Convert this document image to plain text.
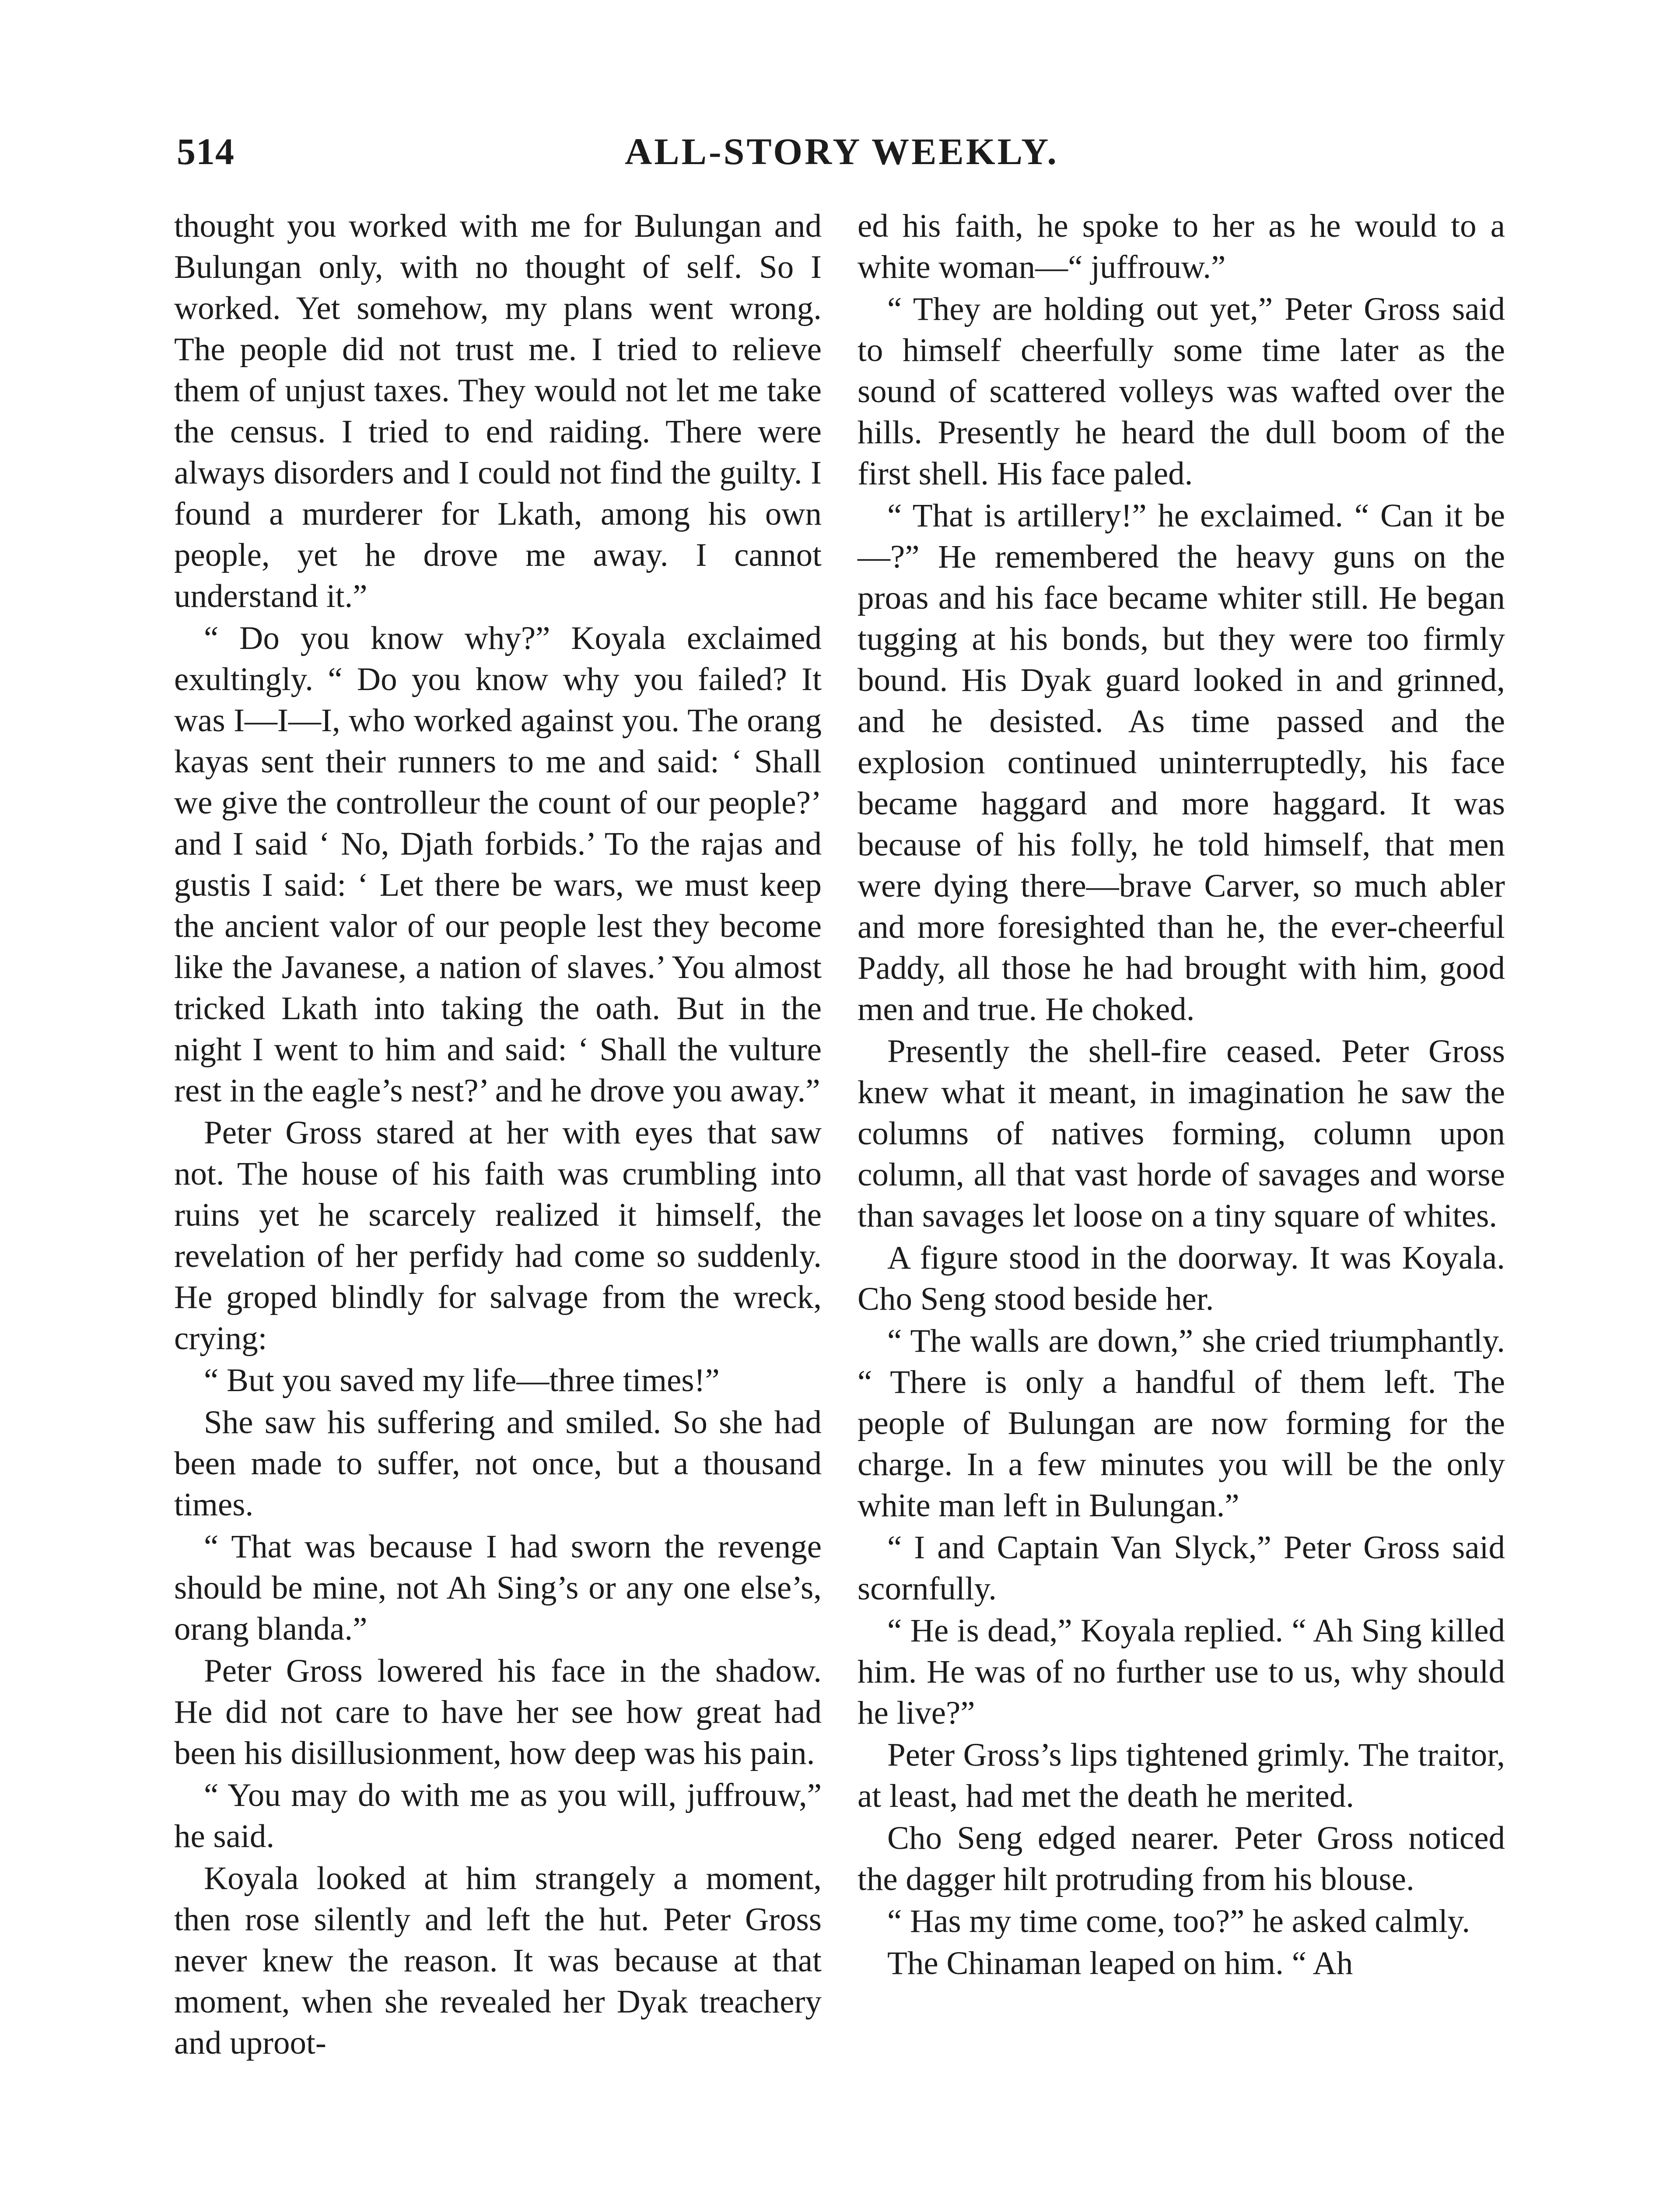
514	ALL-STORY WEEKLY.

thought you worked with me for Bulungan and Bulungan only, with no thought of self. So I worked. Yet somehow, my plans went wrong. The people did not trust me. I tried to relieve them of unjust taxes. They would not let me take the census. I tried to end raiding. There were always disorders and I could not find the guilty. I found a murderer for Lkath, among his own people, yet he drove me away. I cannot understand it.”

“ Do you know why?” Koyala exclaimed exultingly. “ Do you know why you failed? It was I—I—I, who worked against you. The orang kayas sent their runners to me and said: ‘ Shall we give the controlleur the count of our people?’ and I said ‘ No, Djath forbids.’ To the rajas and gustis I said: ‘ Let there be wars, we must keep the ancient valor of our people lest they become like the Javanese, a nation of slaves.’ You almost tricked Lkath into taking the oath. But in the night I went to him and said: ‘ Shall the vulture rest in the eagle’s nest?’ and he drove you away.”

Peter Gross stared at her with eyes that saw not. The house of his faith was crumbling into ruins yet he scarcely realized it himself, the revelation of her perfidy had come so suddenly. He groped blindly for salvage from the wreck, crying:

“ But you saved my life—three times!”

She saw his suffering and smiled. So she had been made to suffer, not once, but a thousand times.

“ That was because I had sworn the revenge should be mine, not Ah Sing’s or any one else’s, orang blanda.”

Peter Gross lowered his face in the shadow. He did not care to have her see how great had been his disillusionment, how deep was his pain.

“ You may do with me as you will, juffrouw,” he said.

Koyala looked at him strangely a moment, then rose silently and left the hut. Peter Gross never knew the reason. It was because at that moment, when she revealed her Dyak treachery and uproot-

ed his faith, he spoke to her as he would to a white woman—“ juffrouw.”

“ They are holding out yet,” Peter Gross said to himself cheerfully some time later as the sound of scattered volleys was wafted over the hills. Presently he heard the dull boom of the first shell. His face paled.

“ That is artillery!” he exclaimed. “ Can it be—?” He remembered the heavy guns on the proas and his face became whiter still. He began tugging at his bonds, but they were too firmly bound. His Dyak guard looked in and grinned, and he desisted. As time passed and the explosion continued uninterruptedly, his face became haggard and more haggard. It was because of his folly, he told himself, that men were dying there—brave Carver, so much abler and more foresighted than he, the ever-cheerful Paddy, all those he had brought with him, good men and true. He choked.

Presently the shell-fire ceased. Peter Gross knew what it meant, in imagination he saw the columns of natives forming, column upon column, all that vast horde of savages and worse than savages let loose on a tiny square of whites.

A figure stood in the doorway. It was Koyala. Cho Seng stood beside her.

“ The walls are down,” she cried triumphantly. “ There is only a handful of them left. The people of Bulungan are now forming for the charge. In a few minutes you will be the only white man left in Bulungan.”

“ I and Captain Van Slyck,” Peter Gross said scornfully.

“ He is dead,” Koyala replied. “ Ah Sing killed him. He was of no further use to us, why should he live?”

Peter Gross’s lips tightened grimly. The traitor, at least, had met the death he merited.

Cho Seng edged nearer. Peter Gross noticed the dagger hilt protruding from his blouse.

“ Has my time come, too?” he asked calmly.

The Chinaman leaped on him. “ Ah
